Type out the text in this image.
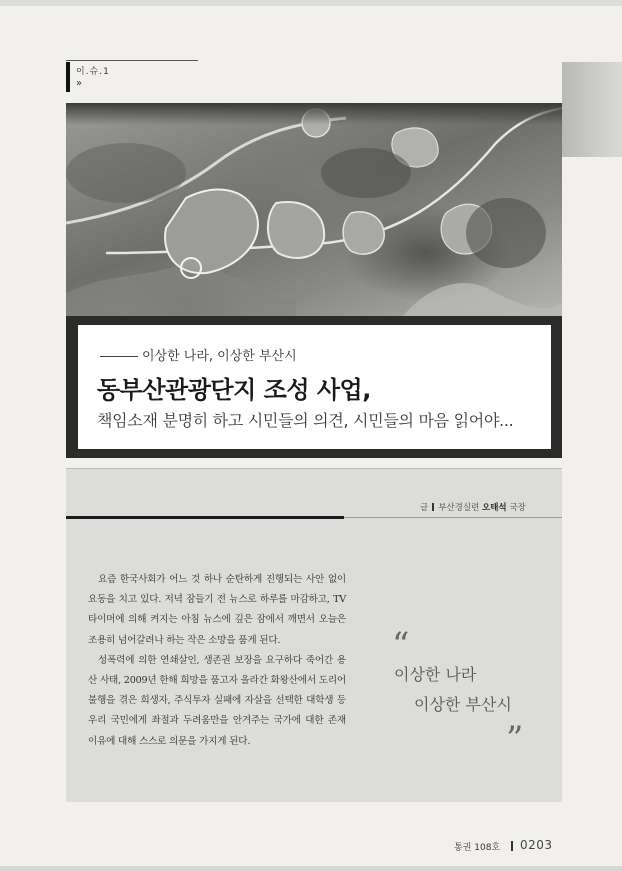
이.슈.1
»
이상한 나라, 이상한 부산시
동부산관광단지 조성 사업,
책임소재 분명히 하고 시민들의 의견, 시민들의 마음 읽어야...
글 부산경실련 오태석 국장

요즘 한국사회가 어느 것 하나 순탄하게 진행되는 사안 없이 요동을 치고 있다. 저녁 잠들기 전 뉴스로 하루를 마감하고, TV 타이머에 의해 켜지는 아침 뉴스에 깊은 잠에서 깨면서 오늘은 조용히 넘어갈려나 하는 작은 소망을 품게 된다.

성폭력에 의한 연쇄살인, 생존권 보장을 요구하다 죽어간 용산 사태, 2009년 한해 희망을 품고자 올라간 화왕산에서 도리어 불행을 겪은 희생자, 주식투자 실패에 자살을 선택한 대학생 등 우리 국민에게 좌절과 두려움만을 안겨주는 국가에 대한 존재 이유에 대해 스스로 의문을 가지게 된다.

“
이상한 나라
이상한 부산시
”
통권 108호 0203
